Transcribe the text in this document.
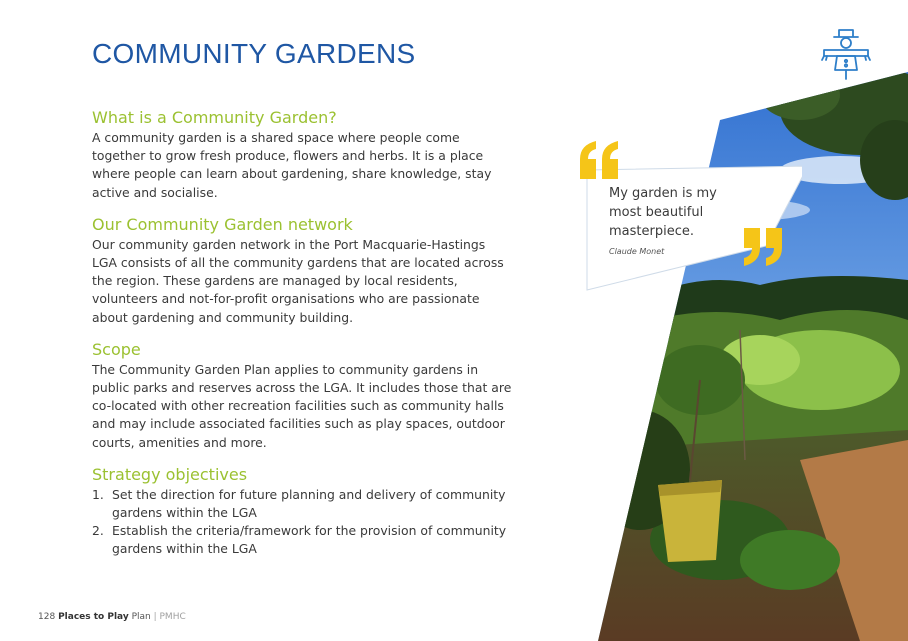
COMMUNITY GARDENS
What is a Community Garden?

A community garden is a shared space where people come together to grow fresh produce, flowers and herbs. It is a place where people can learn about gardening, share knowledge, stay active and socialise.

Our Community Garden network

Our community garden network in the Port Macquarie-Hastings LGA consists of all the community gardens that are located across the region. These gardens are managed by local residents, volunteers and not-for-profit organisations who are passionate about gardening and community building.

Scope

The Community Garden Plan applies to community gardens in public parks and reserves across the LGA. It includes those that are co-located with other recreation facilities such as community halls and may include associated facilities such as play spaces, outdoor courts, amenities and more.

Strategy objectives
1. Set the direction for future planning and delivery of community gardens within the LGA
2. Establish the criteria/framework for the provision of community gardens within the LGA

My garden is my most beautiful masterpiece.

Claude Monet
128 Places to Play Plan | PMHC
